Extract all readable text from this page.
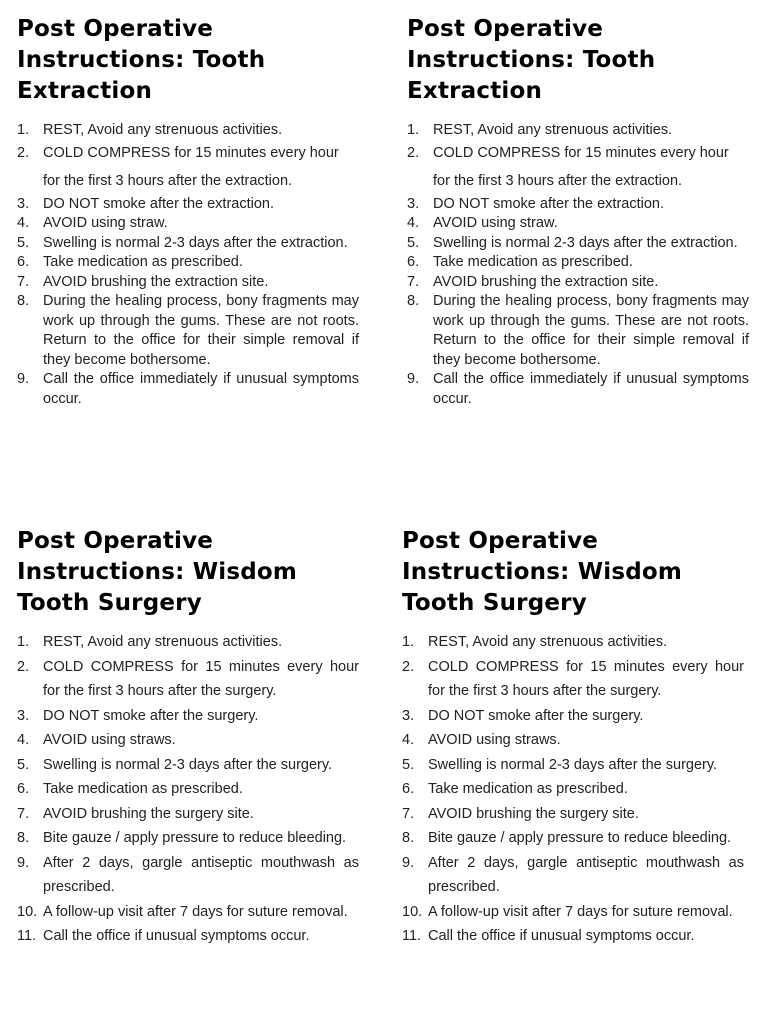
Post Operative Instructions: Tooth Extraction
1. REST, Avoid any strenuous activities.
2. COLD COMPRESS for 15 minutes every hour
for the first 3 hours after the extraction.
3. DO NOT smoke after the extraction.
4. AVOID using straw.
5. Swelling is normal 2-3 days after the extraction.
6. Take medication as prescribed.
7. AVOID brushing the extraction site.
8. During the healing process, bony fragments may work up through the gums. These are not roots. Return to the office for their simple removal if they become bothersome.
9. Call the office immediately if unusual symptoms occur.
Post Operative Instructions: Tooth Extraction
1. REST, Avoid any strenuous activities.
2. COLD COMPRESS for 15 minutes every hour
for the first 3 hours after the extraction.
3. DO NOT smoke after the extraction.
4. AVOID using straw.
5. Swelling is normal 2-3 days after the extraction.
6. Take medication as prescribed.
7. AVOID brushing the extraction site.
8. During the healing process, bony fragments may work up through the gums. These are not roots. Return to the office for their simple removal if they become bothersome.
9. Call the office immediately if unusual symptoms occur.
Post Operative Instructions: Wisdom Tooth Surgery
1. REST, Avoid any strenuous activities.
2. COLD COMPRESS for 15 minutes every hour for the first 3 hours after the surgery.
3. DO NOT smoke after the surgery.
4. AVOID using straws.
5. Swelling is normal 2-3 days after the surgery.
6. Take medication as prescribed.
7. AVOID brushing the surgery site.
8. Bite gauze / apply pressure to reduce bleeding.
9. After 2 days, gargle antiseptic mouthwash as prescribed.
10. A follow-up visit after 7 days for suture removal.
11. Call the office if unusual symptoms occur.
Post Operative Instructions: Wisdom Tooth Surgery
1. REST, Avoid any strenuous activities.
2. COLD COMPRESS for 15 minutes every hour for the first 3 hours after the surgery.
3. DO NOT smoke after the surgery.
4. AVOID using straws.
5. Swelling is normal 2-3 days after the surgery.
6. Take medication as prescribed.
7. AVOID brushing the surgery site.
8. Bite gauze / apply pressure to reduce bleeding.
9. After 2 days, gargle antiseptic mouthwash as prescribed.
10. A follow-up visit after 7 days for suture removal.
11. Call the office if unusual symptoms occur.
